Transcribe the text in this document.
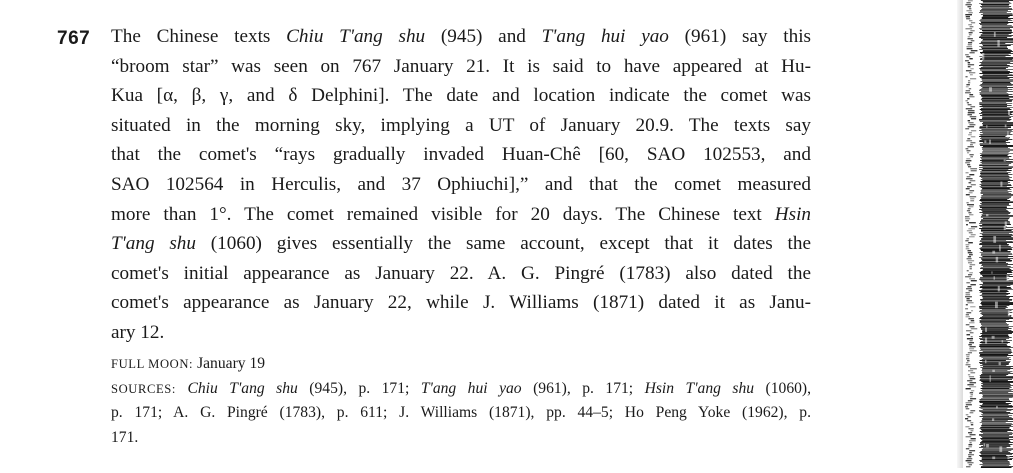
767 The Chinese texts Chiu T'ang shu (945) and T'ang hui yao (961) say this
“broom star” was seen on 767 January 21. It is said to have appeared at Hu-
Kua [α, β, γ, and δ Delphini]. The date and location indicate the comet was
situated in the morning sky, implying a UT of January 20.9. The texts say
that the comet's “rays gradually invaded Huan-Chê [60, SAO 102553, and
SAO 102564 in Herculis, and 37 Ophiuchi],” and that the comet measured
more than 1°. The comet remained visible for 20 days. The Chinese text Hsin
T'ang shu (1060) gives essentially the same account, except that it dates the
comet's initial appearance as January 22. A. G. Pingré (1783) also dated the
comet's appearance as January 22, while J. Williams (1871) dated it as Janu-
ary 12.
FULL MOON: January 19
SOURCES: Chiu T'ang shu (945), p. 171; T'ang hui yao (961), p. 171; Hsin T'ang shu (1060),
p. 171; A. G. Pingré (1783), p. 611; J. Williams (1871), pp. 44–5; Ho Peng Yoke (1962), p.
171.
